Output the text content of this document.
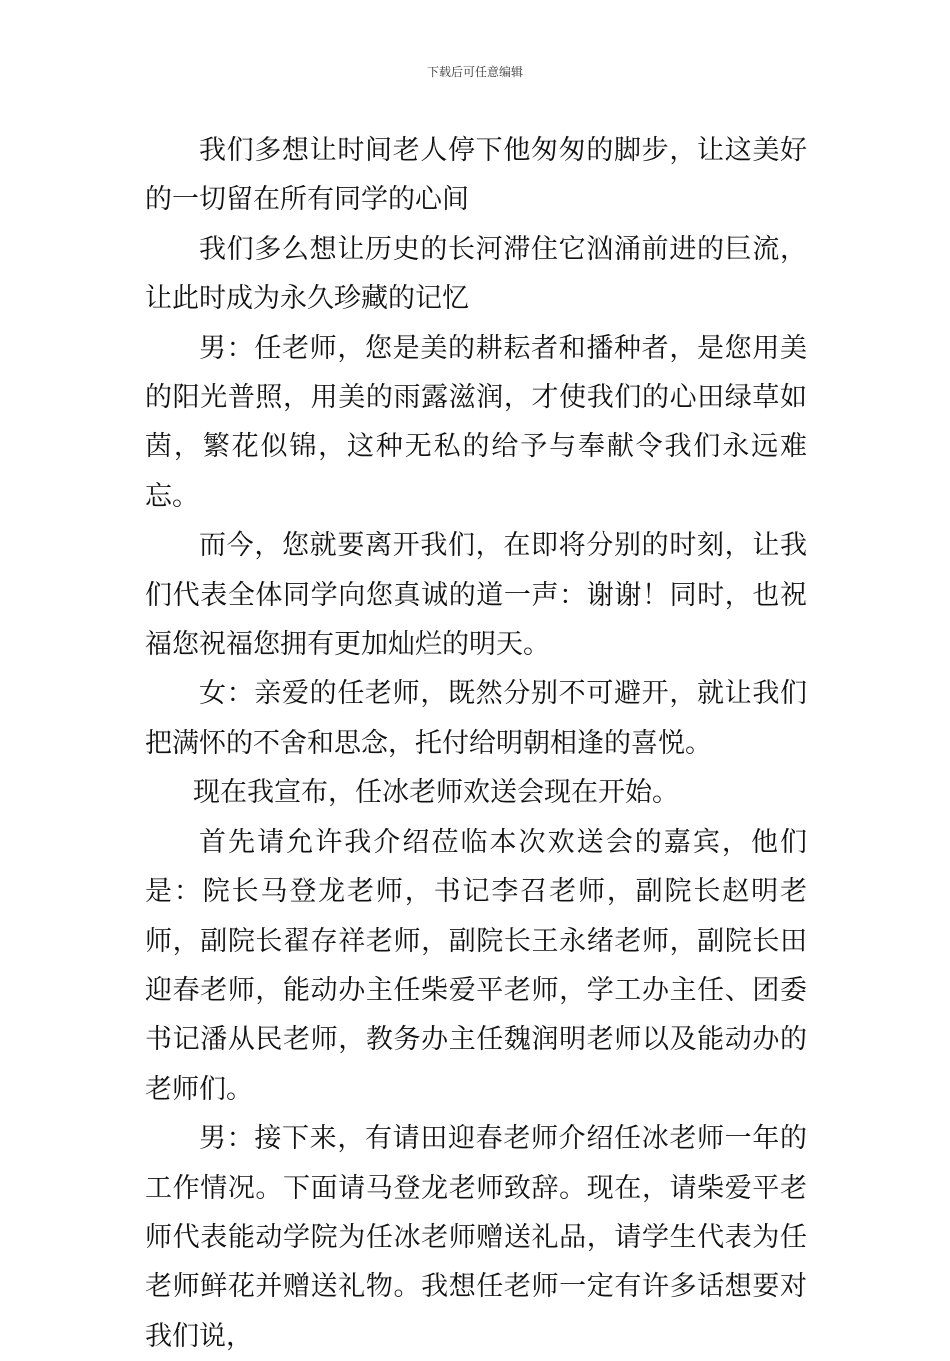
下载后可任意编辑

我们多想让时间老人停下他匆匆的脚步，让这美好的一切留在所有同学的心间

我们多么想让历史的长河滞住它汹涌前进的巨流，让此时成为永久珍藏的记忆

男：任老师，您是美的耕耘者和播种者，是您用美的阳光普照，用美的雨露滋润，才使我们的心田绿草如茵，繁花似锦，这种无私的给予与奉献令我们永远难忘。

而今，您就要离开我们，在即将分别的时刻，让我们代表全体同学向您真诚的道一声：谢谢！同时，也祝福您祝福您拥有更加灿烂的明天。

女：亲爱的任老师，既然分别不可避开，就让我们把满怀的不舍和思念，托付给明朝相逢的喜悦。

现在我宣布，任冰老师欢送会现在开始。

首先请允许我介绍莅临本次欢送会的嘉宾，他们是：院长马登龙老师，书记李召老师，副院长赵明老师，副院长翟存祥老师，副院长王永绪老师，副院长田迎春老师，能动办主任柴爱平老师，学工办主任、团委书记潘从民老师，教务办主任魏润明老师以及能动办的老师们。

男：接下来，有请田迎春老师介绍任冰老师一年的工作情况。下面请马登龙老师致辞。现在，请柴爱平老师代表能动学院为任冰老师赠送礼品，请学生代表为任老师鲜花并赠送礼物。我想任老师一定有许多话想要对我们说，
